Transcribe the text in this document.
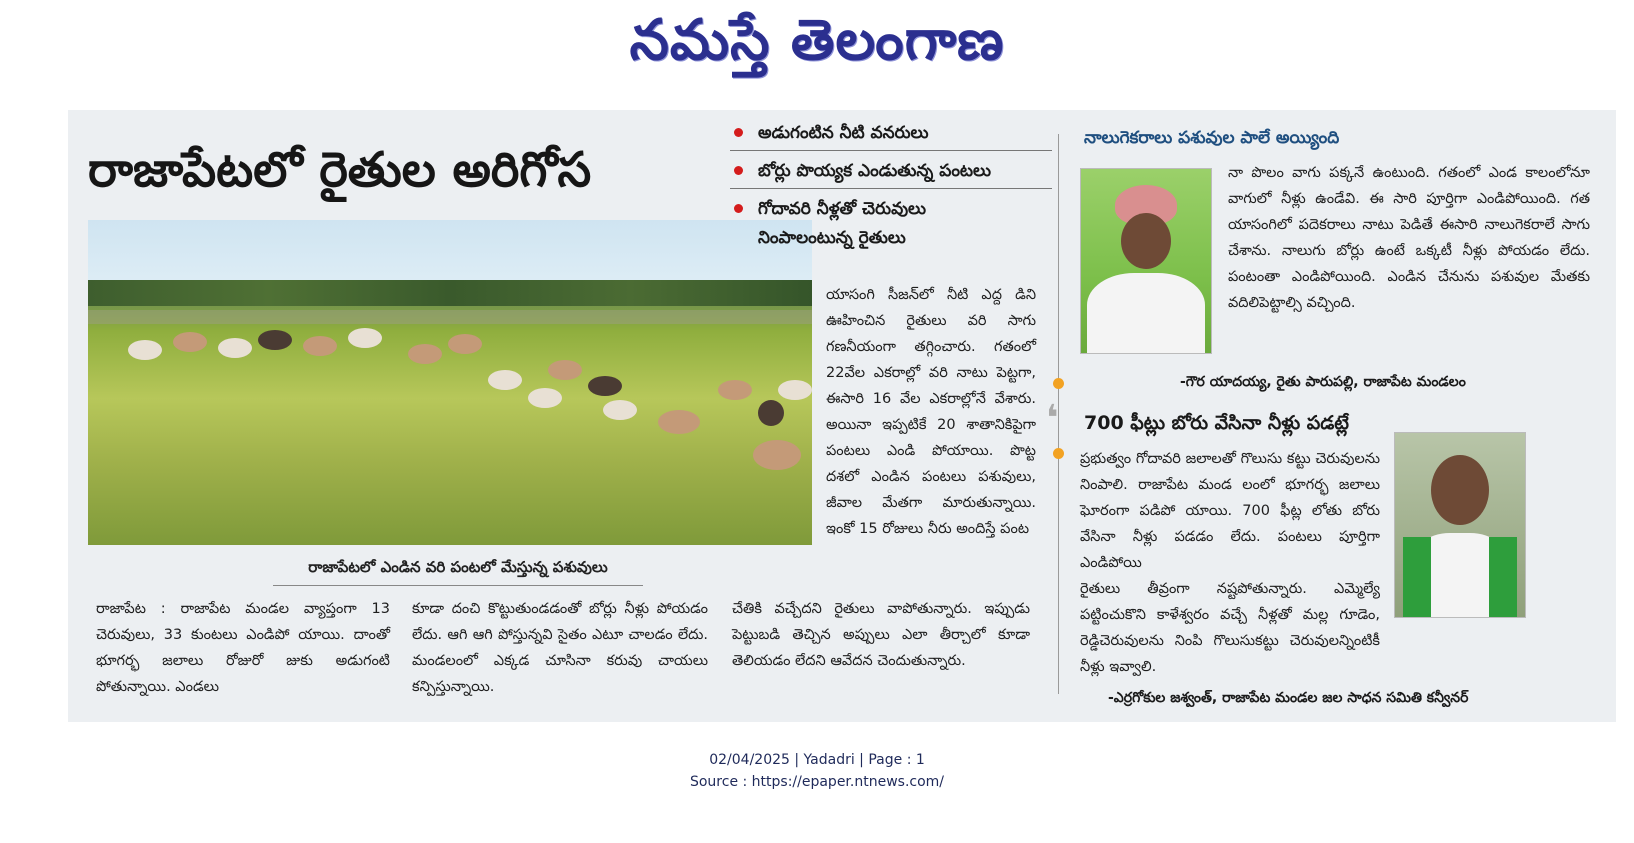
నమస్తే తెలంగాణ
రాజాపేటలో రైతుల అరిగోస
రాజాపేటలో ఎండిన వరి పంటలో మేస్తున్న పశువులు
అడుగంటిన నీటి వనరులు
బోర్లు పొయ్యక ఎండుతున్న పంటలు
గోదావరి నీళ్లతో చెరువులు
నింపాలంటున్న రైతులు
యాసంగి సీజన్‌లో నీటి ఎద్ద డిని ఊహించిన రైతులు వరి సాగు గణనీయంగా తగ్గించారు. గతంలో 22వేల ఎకరాల్లో వరి నాటు పెట్టగా, ఈసారి 16 వేల ఎకరాల్లోనే వేశారు. అయినా ఇప్పటికే 20 శాతానికిపైగా పంటలు ఎండి పోయాయి. పొట్ట దశలో ఎండిన పంటలు పశువులు, జీవాల మేతగా మారుతున్నాయి. ఇంకో 15 రోజులు నీరు అందిస్తే పంట
రాజాపేట : రాజాపేట మండల వ్యాప్తంగా 13 చెరువులు, 33 కుంటలు ఎండిపో యాయి. దాంతో భూగర్భ జలాలు రోజురో జుకు అడుగంటి పోతున్నాయి. ఎండలు
కూడా దంచి కొట్టుతుండడంతో బోర్లు నీళ్లు పోయడం లేదు. ఆగి ఆగి పోస్తున్నవి సైతం ఎటూ చాలడం లేదు. మండలంలో ఎక్కడ చూసినా కరువు చాయలు కన్పిస్తున్నాయి.
చేతికి వచ్చేదని రైతులు వాపోతున్నారు. ఇప్పుడు పెట్టుబడి తెచ్చిన అప్పులు ఎలా తీర్చాలో కూడా తెలియడం లేదని ఆవేదన చెందుతున్నారు.
❛
నాలుగెకరాలు పశువుల పాలే అయ్యింది
నా పొలం వాగు పక్కనే ఉంటుంది. గతంలో ఎండ కాలంలోనూ వాగులో నీళ్లు ఉండేవి. ఈ సారి పూర్తిగా ఎండిపోయింది. గత యాసంగిలో పదెకరాలు నాటు పెడితే ఈసారి నాలుగెకరాలే సాగు చేశాను. నాలుగు బోర్లు ఉంటే ఒక్కటీ నీళ్లు పోయడం లేదు. పంటంతా ఎండిపోయింది. ఎండిన చేనును పశువుల మేతకు వదిలిపెట్టాల్సి వచ్చింది.
-గౌర యాదయ్య, రైతు పారుపల్లి, రాజాపేట మండలం
700 ఫీట్లు బోరు వేసినా నీళ్లు పడట్లే
ప్రభుత్వం గోదావరి జలాలతో గొలుసు కట్టు చెరువులను నింపాలి. రాజాపేట మండ లంలో భూగర్భ జలాలు ఘోరంగా పడిపో యాయి. 700 ఫీట్ల లోతు బోరు వేసినా నీళ్లు పడడం లేదు. పంటలు పూర్తిగా ఎండిపోయి
రైతులు తీవ్రంగా నష్టపోతున్నారు. ఎమ్మెల్యే పట్టించుకొని కాళేశ్వరం వచ్చే నీళ్లతో మల్ల గూడెం, రెడ్డిచెరువులను నింపి గొలుసుకట్టు చెరువులన్నింటికీ నీళ్లు ఇవ్వాలి.
-ఎర్రగోకుల జశ్వంత్, రాజాపేట మండల జల సాధన సమితి కన్వీనర్
02/04/2025 | Yadadri | Page : 1
Source : https://epaper.ntnews.com/
